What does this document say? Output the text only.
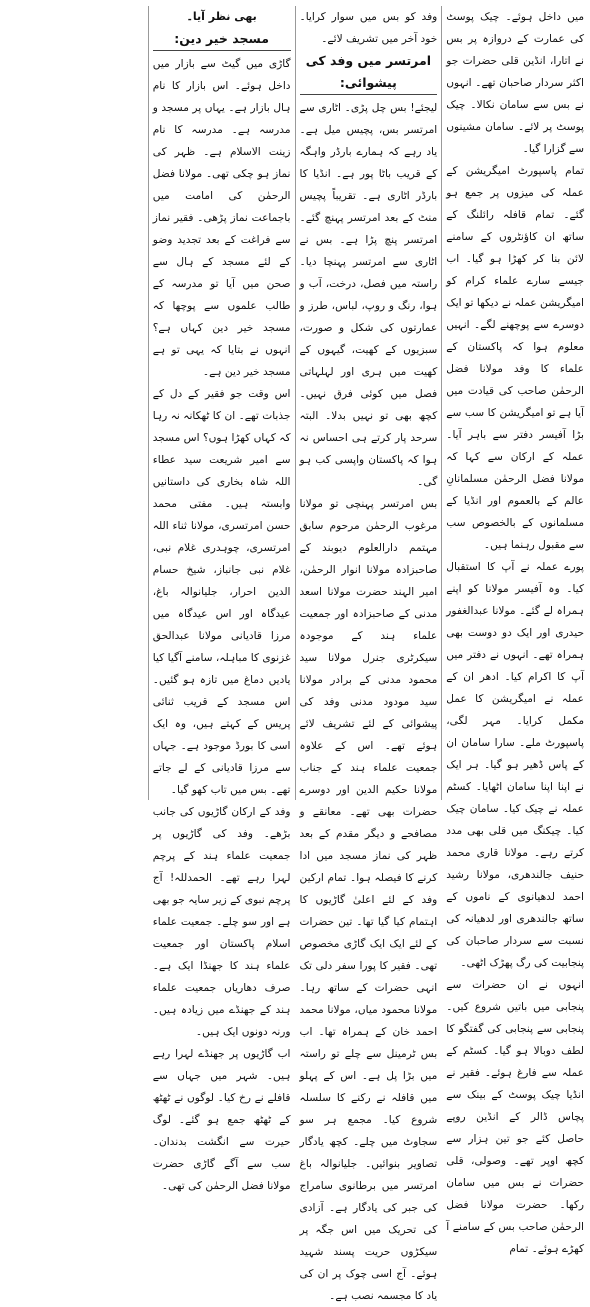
میں داخل ہوئے۔ چیک پوسٹ کی عمارت کے دروازہ پر بس نے اتارا، انڈین قلی حضرات جو اکثر سردار صاحبان تھے۔ انہوں نے بس سے سامان نکالا۔ چیک پوسٹ پر لائے۔ سامان مشینوں سے گزارا گیا۔

تمام پاسپورٹ امیگریشن کے عملہ کی میزوں پر جمع ہو گئے۔ تمام قافلہ رائلنگ کے ساتھ ان کاؤنٹروں کے سامنے لائن بنا کر کھڑا ہو گیا۔ اب جیسے سارے علماء کرام کو امیگریشن عملہ نے دیکھا تو ایک دوسرے سے پوچھنے لگے۔ انہیں معلوم ہوا کہ پاکستان کے علماء کا وفد مولانا فضل الرحمٰن صاحب کی قیادت میں آیا ہے تو امیگریشن کا سب سے بڑا آفیسر دفتر سے باہر آیا۔ عملہ کے ارکان سے کہا کہ مولانا فضل الرحمٰن مسلمانانِ عالم کے بالعموم اور انڈیا کے مسلمانوں کے بالخصوص سب سے مقبول رہنما ہیں۔

پورے عملہ نے آپ کا استقبال کیا۔ وہ آفیسر مولانا کو اپنے ہمراہ لے گئے۔ مولانا عبدالغفور حیدری اور ایک دو دوست بھی ہمراہ تھے۔ انہوں نے دفتر میں آپ کا اکرام کیا۔ ادھر ان کے عملہ نے امیگریشن کا عمل مکمل کرایا۔ مہر لگی، پاسپورٹ ملے۔ سارا سامان ان کے پاس ڈھیر ہو گیا۔ ہر ایک نے اپنا اپنا سامان اٹھایا۔ کسٹم عملہ نے چیک کیا۔ سامان چیک کیا۔ چیکنگ میں قلی بھی مدد کرتے رہے۔ مولانا قاری محمد حنیف جالندھری، مولانا رشید احمد لدھیانوی کے ناموں کے ساتھ جالندھری اور لدھیانہ کی نسبت سے سردار صاحبان کی پنجابیت کی رگ پھڑک اٹھی۔

انہوں نے ان حضرات سے پنجابی میں باتیں شروع کیں۔ پنجابی سے پنجابی کی گفتگو کا لطف دوبالا ہو گیا۔ کسٹم کے عملہ سے فارغ ہوئے۔ فقیر نے انڈیا چیک پوسٹ کے بینک سے پچاس ڈالر کے انڈین روپے حاصل کئے جو تین ہزار سے کچھ اوپر تھے۔ وصولی، قلی حضرات نے بس میں سامان رکھا۔ حضرت مولانا فضل الرحمٰن صاحب بس کے سامنے آ کھڑے ہوئے۔ تمام

وفد کو بس میں سوار کرایا۔ خود آخر میں تشریف لائے۔

امرتسر میں وفد کی پیشوائی:

لیجئے! بس چل پڑی۔ اٹاری سے امرتسر بس، پچیس میل ہے۔ یاد رہے کہ ہمارے بارڈر واہگہ کے قریب باٹا پور ہے۔ انڈیا کا بارڈر اٹاری ہے۔ تقریباً پچیس منٹ کے بعد امرتسر پہنچ گئے۔ امرتسر پنچ پڑا ہے۔ بس نے اٹاری سے امرتسر پہنچا دیا۔ راستہ میں فصل، درخت، آب و ہوا، رنگ و روپ، لباس، طرز و عمارتوں کی شکل و صورت، سبزیوں کے کھیت، گیہوں کے کھیت میں ہری اور لہلہاتی فصل میں کوئی فرق نہیں۔ کچھ بھی تو نہیں بدلا۔ البتہ سرحد پار کرتے ہی احساس نہ ہوا کہ پاکستان واپسی کب ہو گی۔

بس امرتسر پہنچی تو مولانا مرغوب الرحمٰن مرحوم سابق مہتمم دارالعلوم دیوبند کے صاحبزادہ مولانا انوار الرحمٰن، امیر الہند حضرت مولانا اسعد مدنی کے صاحبزادہ اور جمعیت علماء ہند کے موجودہ سیکرٹری جنرل مولانا سید محمود مدنی کے برادر مولانا سید مودود مدنی وفد کی پیشوائی کے لئے تشریف لائے ہوئے تھے۔ اس کے علاوہ جمعیت علماء ہند کے جناب مولانا حکیم الدین اور دوسرے حضرات بھی تھے۔ معانقے و مصافحے و دیگر مقدم کے بعد ظہر کی نماز مسجد میں ادا کرنے کا فیصلہ ہوا۔ تمام ارکین وفد کے لئے اعلیٰ گاڑیوں کا اہتمام کیا گیا تھا۔ تین حضرات کے لئے ایک ایک گاڑی مخصوص تھی۔ فقیر کا پورا سفر دلی تک انہی حضرات کے ساتھ رہا۔ مولانا محمود میاں، مولانا محمد احمد خان کے ہمراہ تھا۔ اب بس ٹرمینل سے چلے تو راستہ میں بڑا پل ہے۔ اس کے پہلو میں قافلہ نے رکنے کا سلسلہ شروع کیا۔ مجمع ہر سو سجاوٹ میں چلے۔ کچھ یادگار تصاویر بنوائیں۔ جلیانوالہ باغ امرتسر میں برطانوی سامراج کی جبر کی یادگار ہے۔ آزادی کی تحریک میں اس جگہ پر سیکڑوں حریت پسند شہید ہوئے۔ آج اسی چوک پر ان کی یاد کا مجسمہ نصب ہے۔

بھی نظر آیا۔

مسجد خیر دین:

گاڑی میں گیٹ سے بازار میں داخل ہوئے۔ اس بازار کا نام ہال بازار ہے۔ یہاں پر مسجد و مدرسہ ہے۔ مدرسہ کا نام زینت الاسلام ہے۔ ظہر کی نماز ہو چکی تھی۔ مولانا فضل الرحمٰن کی امامت میں باجماعت نماز پڑھی۔ فقیر نماز سے فراغت کے بعد تجدید وضو کے لئے مسجد کے ہال سے صحن میں آیا تو مدرسہ کے طالب علموں سے پوچھا کہ مسجد خیر دین کہاں ہے؟ انہوں نے بتایا کہ یہی تو ہے مسجد خیر دین ہے۔

اس وقت جو فقیر کے دل کے جذبات تھے۔ ان کا ٹھکانہ نہ رہا کہ کہاں کھڑا ہوں؟ اس مسجد سے امیر شریعت سید عطاء اللہ شاہ بخاری کی داستانیں وابستہ ہیں۔ مفتی محمد حسن امرتسری، مولانا ثناء اللہ امرتسری، چوہدری غلام نبی، غلام نبی جانباز، شیخ حسام الدین احرار، جلیانوالہ باغ، عیدگاہ اور اس عیدگاہ میں مرزا قادیانی مولانا عبدالحق غزنوی کا مباہلہ، سامنے آگیا کیا یادیں دماغ میں تازہ ہو گئیں۔ اس مسجد کے قریب ثنائی پریس کے کہتے ہیں، وہ ایک اسی کا بورڈ موجود ہے۔ جہاں سے مرزا قادیانی کے لے جاتے تھے۔ بس میں تاب کھو گیا۔

وفد کے ارکان گاڑیوں کی جانب بڑھے۔ وفد کی گاڑیوں پر جمعیت علماء ہند کے پرچم لہرا رہے تھے۔ الحمدللہ! آج پرچم نبوی کے زیر سایہ جو بھی ہے اور سو چلے۔ جمعیت علماء اسلام پاکستان اور جمعیت علماء ہند کا جھنڈا ایک ہے۔ صرف دھاریاں جمعیت علماء ہند کے جھنڈے میں زیادہ ہیں۔ ورنہ دونوں ایک ہیں۔

اب گاڑیوں پر جھنڈے لہرا رہے ہیں۔ شہر میں جہاں سے قافلے نے رخ کیا۔ لوگوں نے ٹھٹھ کے ٹھٹھ جمع ہو گئے۔ لوگ حیرت سے انگشت بدندان۔ سب سے آگے گاڑی حضرت مولانا فضل الرحمٰن کی تھی۔
